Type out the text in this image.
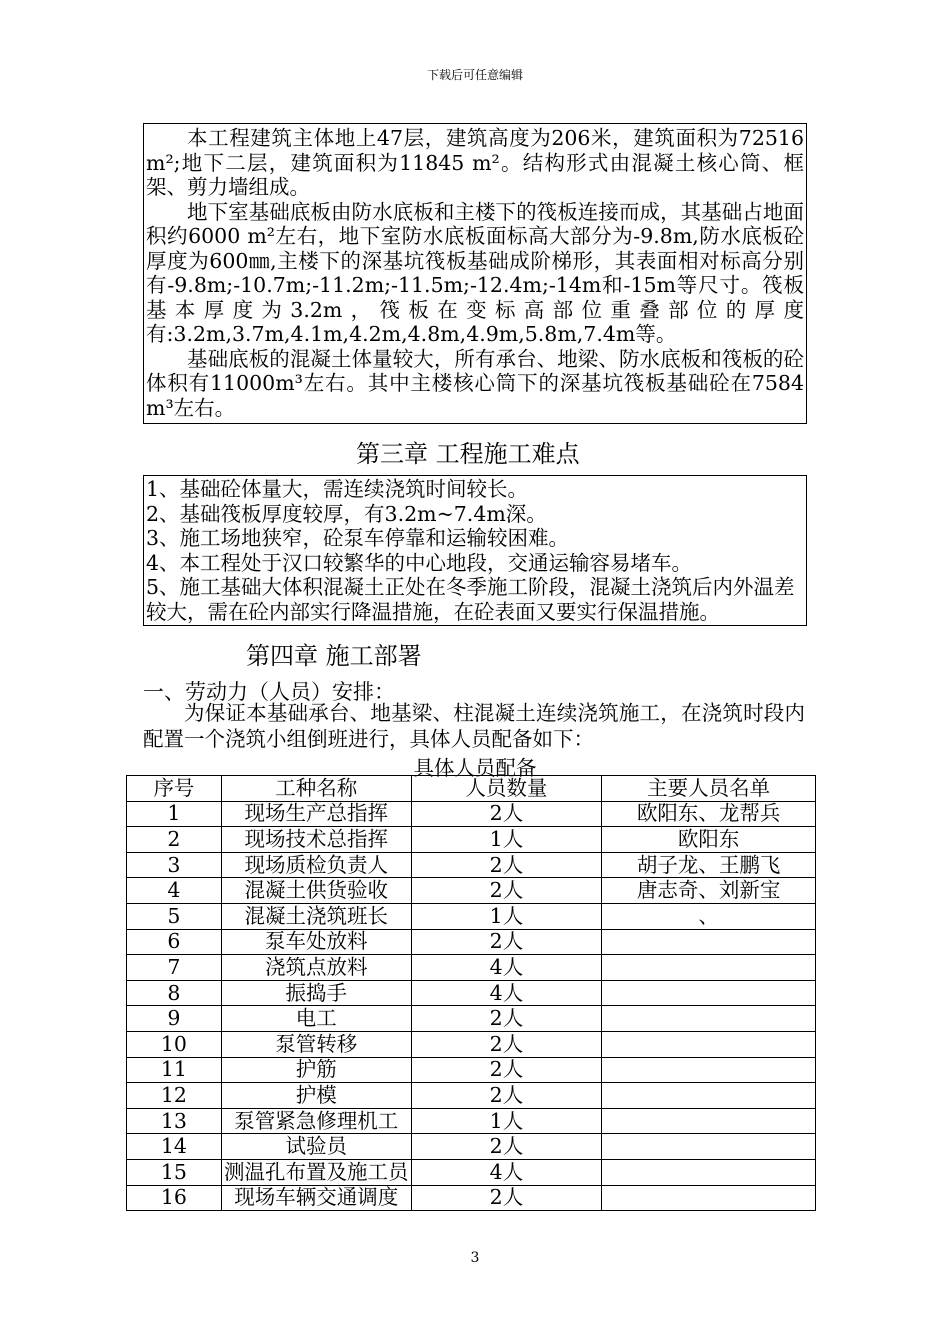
下载后可任意编辑

本工程建筑主体地上47层，建筑高度为206米，建筑面积为72516 m²;地下二层，建筑面积为11845 m²。结构形式由混凝土核心筒、框架、剪力墙组成。

地下室基础底板由防水底板和主楼下的筏板连接而成，其基础占地面积约6000 m²左右，地下室防水底板面标高大部分为-9.8m,防水底板砼厚度为600㎜,主楼下的深基坑筏板基础成阶梯形，其表面相对标高分别有-9.8m;-10.7m;-11.2m;-11.5m;-12.4m;-14m和-15m等尺寸。筏板基本厚度为3.2m，筏板在变标高部位重叠部位的厚度有:3.2m,3.7m,4.1m,4.2m,4.8m,4.9m,5.8m,7.4m等。

基础底板的混凝土体量较大，所有承台、地梁、防水底板和筏板的砼体积有11000m³左右。其中主楼核心筒下的深基坑筏板基础砼在7584 m³左右。

第三章 工程施工难点

1、基础砼体量大，需连续浇筑时间较长。

2、基础筏板厚度较厚，有3.2m~7.4m深。

3、施工场地狭窄，砼泵车停靠和运输较困难。

4、本工程处于汉口较繁华的中心地段，交通运输容易堵车。

5、施工基础大体积混凝土正处在冬季施工阶段，混凝土浇筑后内外温差较大，需在砼内部实行降温措施，在砼表面又要实行保温措施。

第四章 施工部署
一、劳动力（人员）安排：

为保证本基础承台、地基梁、柱混凝土连续浇筑施工，在浇筑时段内配置一个浇筑小组倒班进行，具体人员配备如下：

具体人员配备
序号	工种名称	人员数量	主要人员名单
1	现场生产总指挥	2人	欧阳东、龙帮兵
2	现场技术总指挥	1人	欧阳东
3	现场质检负责人	2人	胡子龙、王鹏飞
4	混凝土供货验收	2人	唐志奇、刘新宝
5	混凝土浇筑班长	1人	、
6	泵车处放料	2人	
7	浇筑点放料	4人	
8	振捣手	4人	
9	电工	2人	
10	泵管转移	2人	
11	护筋	2人	
12	护模	2人	
13	泵管紧急修理机工	1人	
14	试验员	2人	
15	测温孔布置及施工员	4人	
16	现场车辆交通调度	2人	
3
